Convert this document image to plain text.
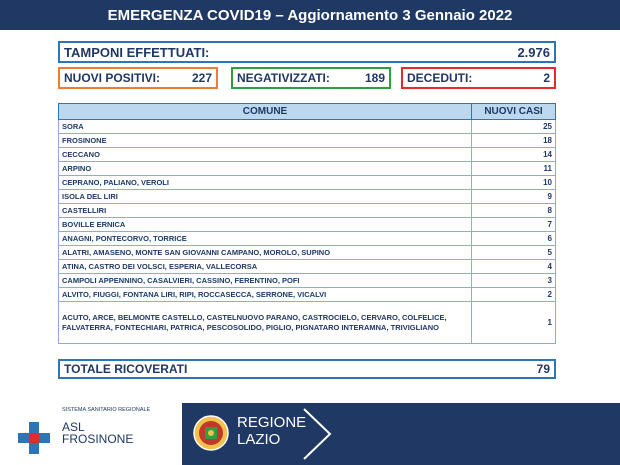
EMERGENZA COVID19 – Aggiornamento 3 Gennaio 2022
TAMPONI EFFETTUATI:	2.976
NUOVI POSITIVI:	227 NEGATIVIZZATI:	189 DECEDUTI:	2
COMUNE	NUOVI CASI
SORA	25
FROSINONE	18
CECCANO	14
ARPINO	11
CEPRANO, PALIANO, VEROLI	10
ISOLA DEL LIRI	9
CASTELLIRI	8
BOVILLE ERNICA	7
ANAGNI, PONTECORVO, TORRICE	6
ALATRI, AMASENO, MONTE SAN GIOVANNI CAMPANO, MOROLO, SUPINO	5
ATINA, CASTRO DEI VOLSCI, ESPERIA, VALLECORSA	4
CAMPOLI APPENNINO, CASALVIERI, CASSINO, FERENTINO, POFI	3
ALVITO, FIUGGI, FONTANA LIRI, RIPI, ROCCASECCA, SERRONE, VICALVI	2
ACUTO, ARCE, BELMONTE CASTELLO, CASTELNUOVO PARANO, CASTROCIELO, CERVARO, COLFELICE, FALVATERRA, FONTECHIARI, PATRICA, PESCOSOLIDO, PIGLIO, PIGNATARO INTERAMNA, TRIVIGLIANO	1
TOTALE RICOVERATI	79
SISTEMA SANITARIO REGIONALE
ASL
FROSINONE
REGIONE
LAZIO
